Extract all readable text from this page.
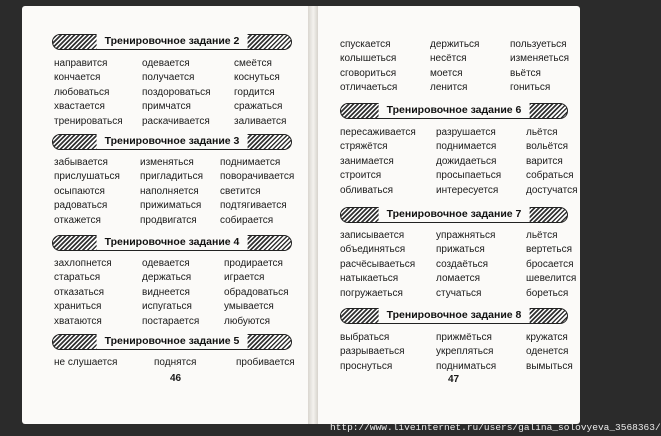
Тренировочное задание 2
направится	одевается	смеётся
кончается	получается	коснуться
любоваться	поздороваться	гордится
хвастается	примчатся	сражаться
тренироваться	раскачивается	заливается
Тренировочное задание 3
забывается	изменяться	поднимается
прислушаться	пригладиться	поворачивается
осыпаются	наполняется	светится
радоваться	прижиматься	подтягивается
откажется	продвигатся	собирается
Тренировочное задание 4
захлопнется	одевается	продирается
стараться	держаться	играется
отказаться	виднеется	обрадоваться
храниться	испугаться	умывается
хватаются	постарается	любуются
Тренировочное задание 5
не слушается	поднятся	пробивается
46
спускается	держиться	пользуеться
колышеться	несётся	изменяеться
сговориться	моется	вьётся
отличаеться	ленится	гониться
Тренировочное задание 6
пересаживается	разрушается	льётся
стряжётся	поднимается	вольётся
занимается	дожидаеться	варится
строится	просыпаеться	собраться
обливаться	интересуется	достучатся
Тренировочное задание 7
записывается	упражняться	льётся
объединяться	прижаться	вертеться
расчёсываеться	создаёться	бросается
натыкаеться	ломается	шевелится
погружаеться	стучаться	бореться
Тренировочное задание 8
выбраться	прижмёться	кружатся
разрываеться	укрепляться	оденется
проснуться	подниматься	вымыться
47
http://www.liveinternet.ru/users/galina_solovyeva_3568363/
